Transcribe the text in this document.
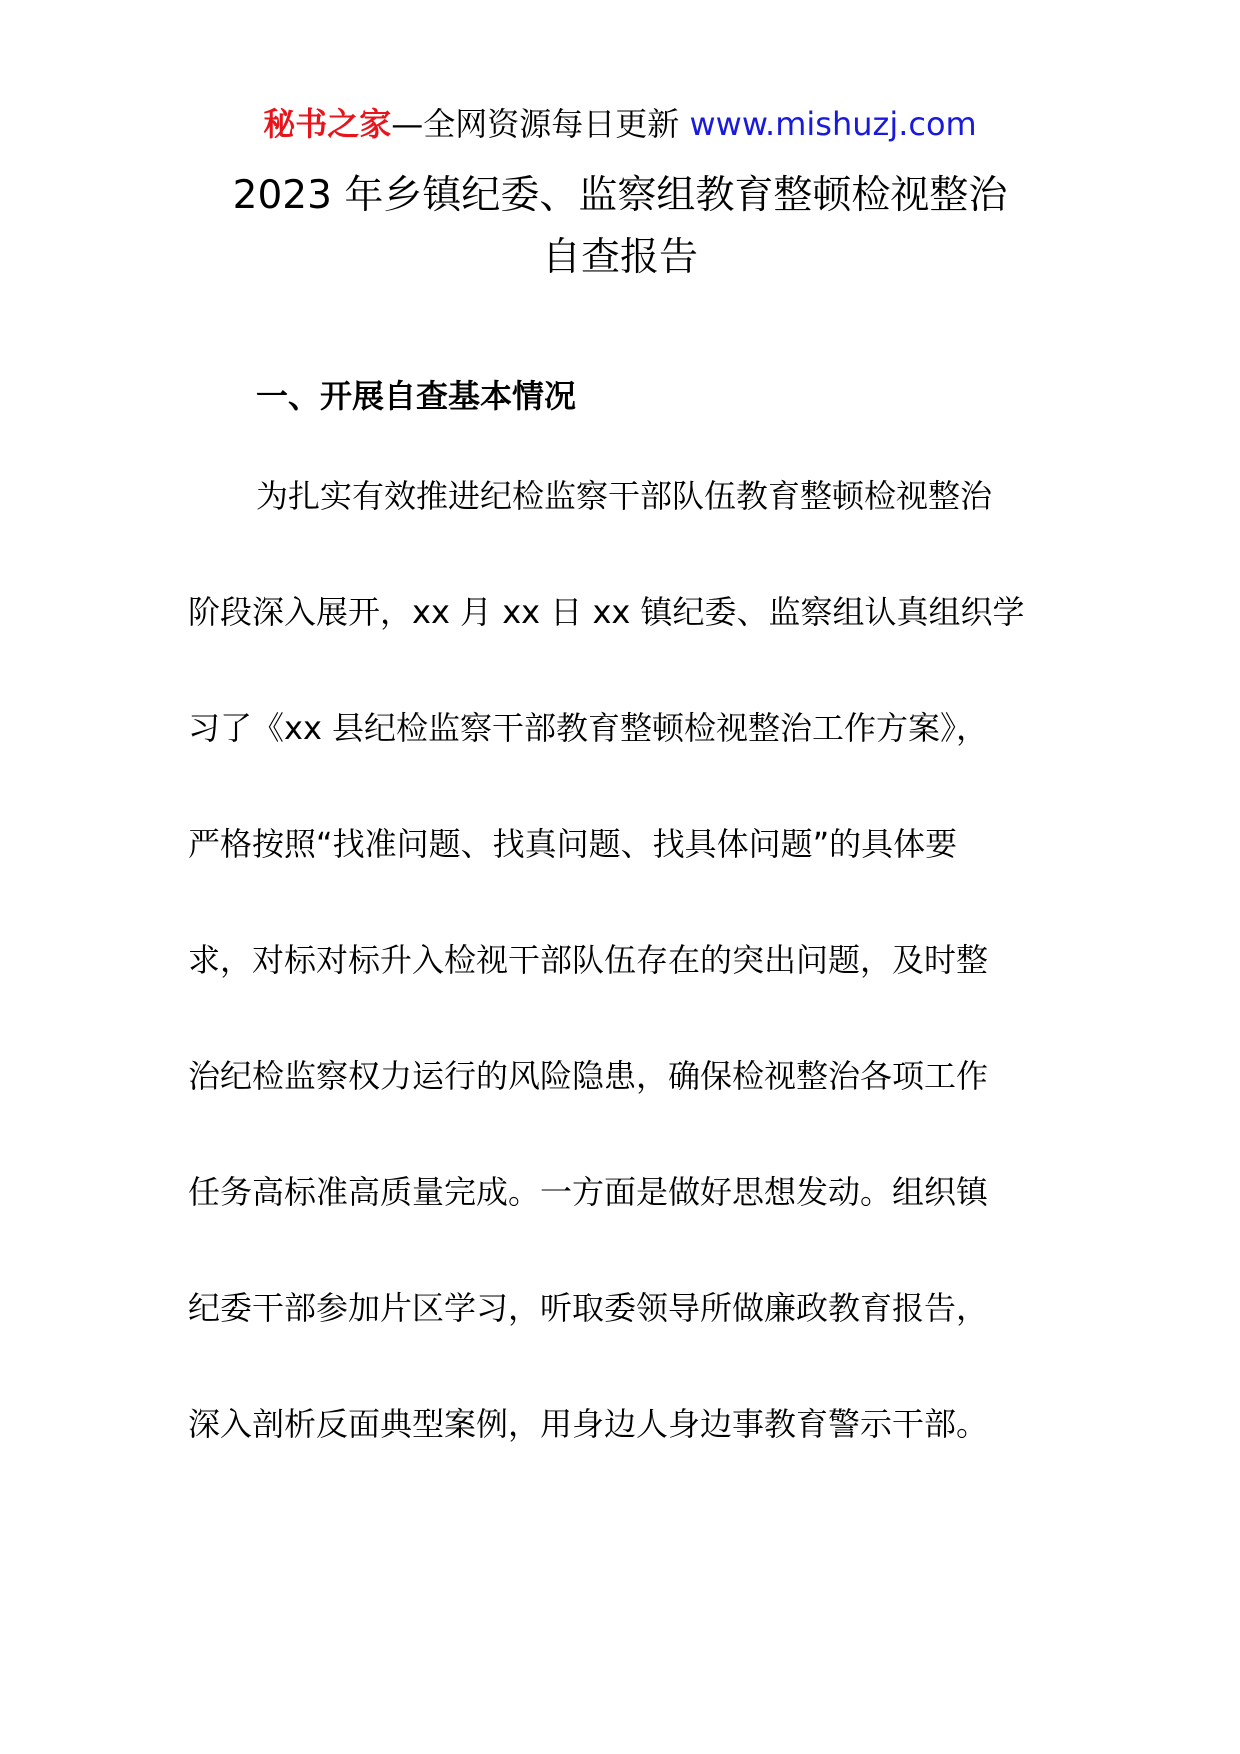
秘书之家—全网资源每日更新 www.mishuzj.com
2023 年乡镇纪委、监察组教育整顿检视整治
自查报告
一、开展自查基本情况
为扎实有效推进纪检监察干部队伍教育整顿检视整治
阶段深入展开，xx 月 xx 日 xx 镇纪委、监察组认真组织学
习了《xx 县纪检监察干部教育整顿检视整治工作方案》，
严格按照“找准问题、找真问题、找具体问题”的具体要
求，对标对标升入检视干部队伍存在的突出问题，及时整
治纪检监察权力运行的风险隐患，确保检视整治各项工作
任务高标准高质量完成。一方面是做好思想发动。组织镇
纪委干部参加片区学习，听取委领导所做廉政教育报告，
深入剖析反面典型案例，用身边人身边事教育警示干部。
